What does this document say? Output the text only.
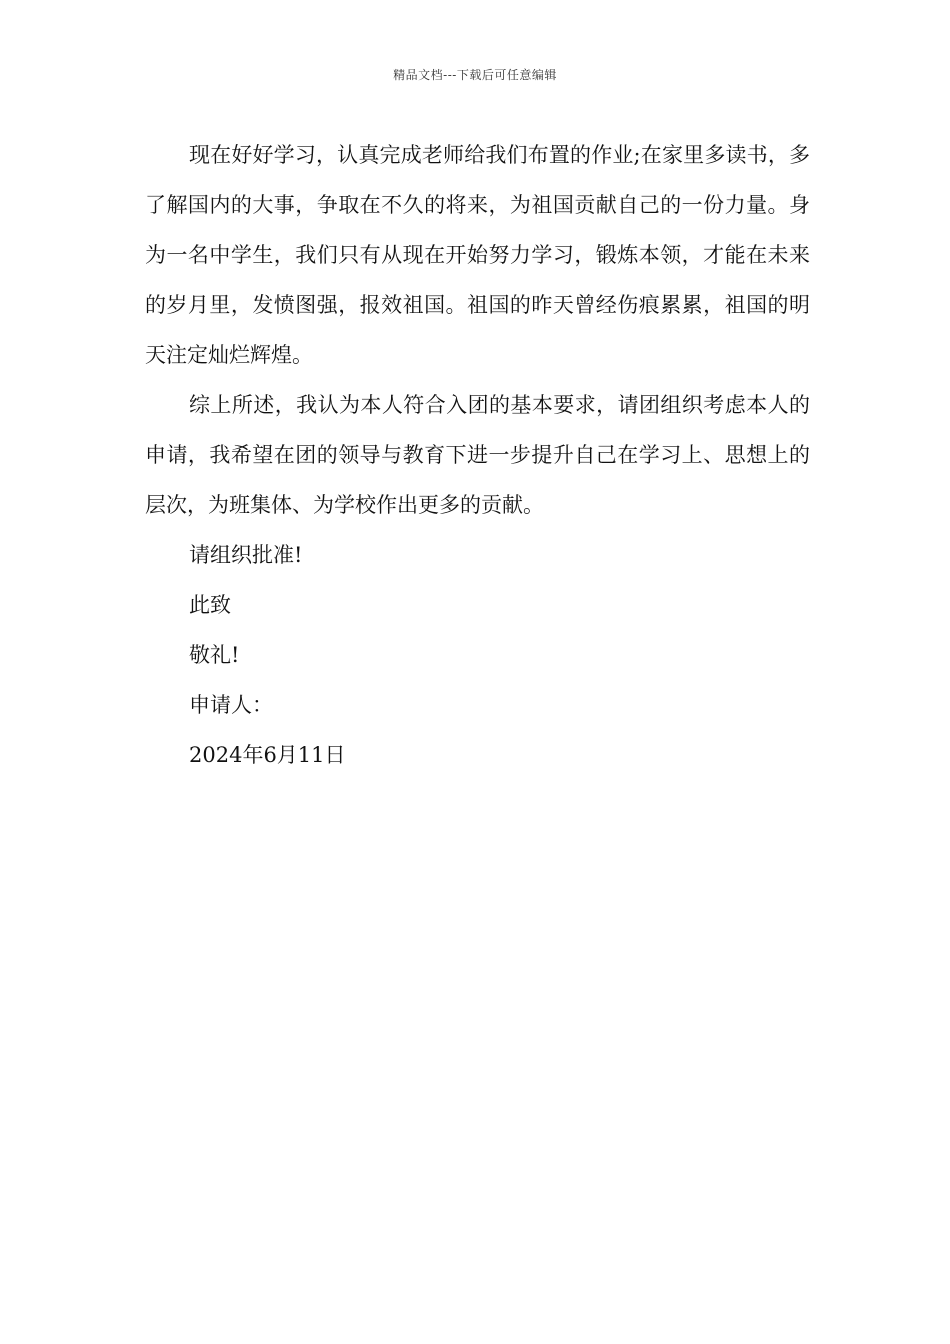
精品文档---下载后可任意编辑

现在好好学习，认真完成老师给我们布置的作业;在家里多读书，多了解国内的大事，争取在不久的将来，为祖国贡献自己的一份力量。身为一名中学生，我们只有从现在开始努力学习，锻炼本领，才能在未来的岁月里，发愤图强，报效祖国。祖国的昨天曾经伤痕累累，祖国的明天注定灿烂辉煌。

综上所述，我认为本人符合入团的基本要求，请团组织考虑本人的申请，我希望在团的领导与教育下进一步提升自己在学习上、思想上的层次，为班集体、为学校作出更多的贡献。

请组织批准!

此致

敬礼!

申请人：

2024年6月11日
